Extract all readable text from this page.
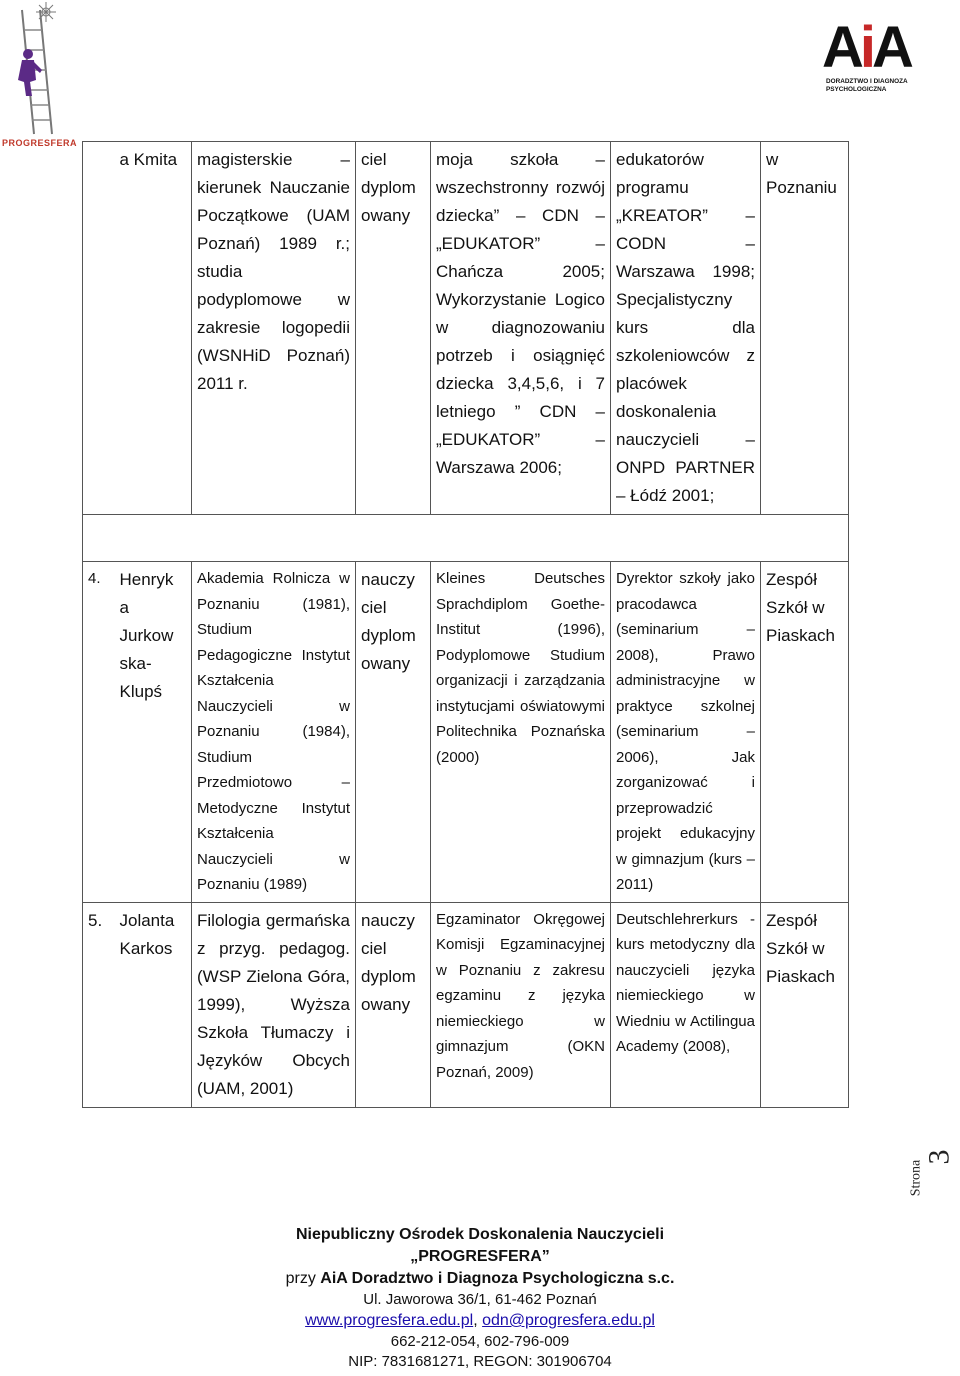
PROGRESFERA
AiA
DORADZTWO I DIAGNOZA PSYCHOLOGICZNA

	a Kmita	magisterskie – kierunek Nauczanie Początkowe (UAM Poznań) 1989 r.; studia podyplomowe w zakresie logopedii (WSNHiD Poznań) 2011 r.	ciel dyplom owany	moja szkoła – wszechstronny rozwój dziecka” – CDN – „EDUKATOR” – Chańcza 2005; Wykorzystanie Logico w diagnozowaniu potrzeb i osiągnięć dziecka 3,4,5,6, i 7 letniego ” CDN – „EDUKATOR” – Warszawa 2006;	edukatorów programu „KREATOR” – CODN – Warszawa 1998; Specjalistyczny kurs dla szkoleniowców z placówek doskonalenia nauczycieli – ONPD PARTNER – Łódź 2001;	w Poznaniu

4.	Henryk a Jurkow ska-Klupś	Akademia Rolnicza w Poznaniu (1981), Studium Pedagogiczne Instytut Kształcenia Nauczycieli w Poznaniu (1984), Studium Przedmiotowo – Metodyczne Instytut Kształcenia Nauczycieli w Poznaniu (1989)	nauczy ciel dyplom owany	Kleines Deutsches Sprachdiplom Goethe-Institut (1996), Podyplomowe Studium organizacji i zarządzania instytucjami oświatowymi Politechnika Poznańska (2000)	Dyrektor szkoły jako pracodawca (seminarium – 2008), Prawo administracyjne w praktyce szkolnej (seminarium – 2006), Jak zorganizować i przeprowadzić projekt edukacyjny w gimnazjum (kurs – 2011)	Zespół Szkół w Piaskach

5.	Jolanta Karkos	Filologia germańska z przyg. pedagog. (WSP Zielona Góra, 1999), Wyższa Szkoła Tłumaczy i Języków Obcych (UAM, 2001)	nauczy ciel dyplom owany	Egzaminator Okręgowej Komisji Egzaminacyjnej w Poznaniu z zakresu egzaminu z języka niemieckiego w gimnazjum (OKN Poznań, 2009)	Deutschlehrerkurs - kurs metodyczny dla nauczycieli języka niemieckiego w Wiedniu w Actilingua Academy (2008),	Zespół Szkół w Piaskach
Strona
3
Niepubliczny Ośrodek Doskonalenia Nauczycieli
„PROGRESFERA”
przy AiA Doradztwo i Diagnoza Psychologiczna s.c.
Ul. Jaworowa 36/1, 61-462 Poznań
www.progresfera.edu.pl, odn@progresfera.edu.pl
662-212-054, 602-796-009
NIP: 7831681271, REGON: 301906704
